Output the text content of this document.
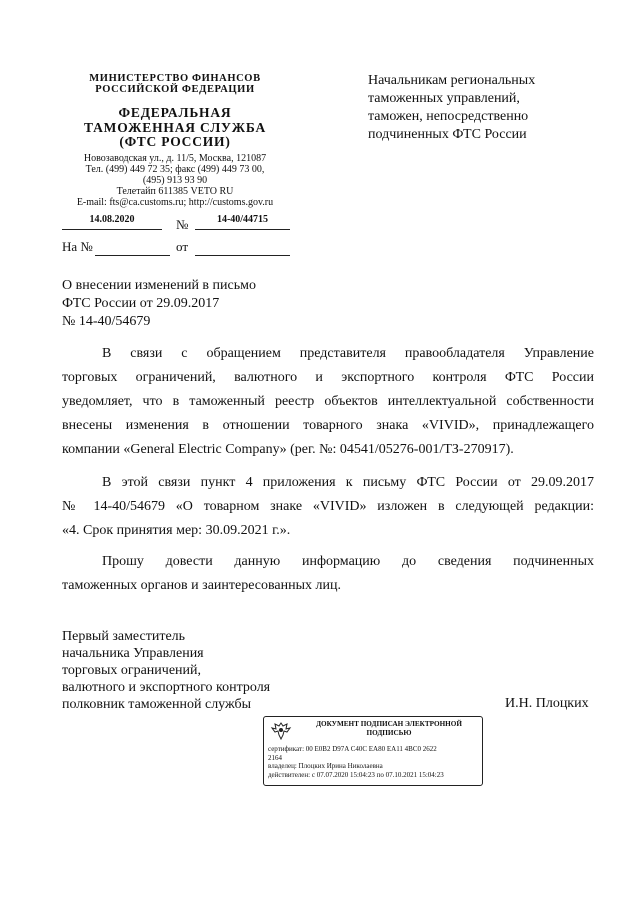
МИНИСТЕРСТВО ФИНАНСОВ
РОССИЙСКОЙ ФЕДЕРАЦИИ
ФЕДЕРАЛЬНАЯ
ТАМОЖЕННАЯ СЛУЖБА
(ФТС РОССИИ)
Новозаводская ул., д. 11/5, Москва, 121087
Тел. (499) 449 72 35; факс (499) 449 73 00,
(495) 913 93 90
Телетайп 611385 VETO RU
E-mail: fts@ca.customs.ru; http://customs.gov.ru
14.08.2020	№	14-40/44715
На №	от
Начальникам региональных
таможенных управлений,
таможен, непосредственно
подчиненных ФТС России
О внесении изменений в письмо
ФТС России от 29.09.2017
№ 14-40/54679
В связи с обращением представителя правообладателя Управление
торговых ограничений, валютного и экспортного контроля ФТС России
уведомляет, что в таможенный реестр объектов интеллектуальной собственности
внесены изменения в отношении товарного знака «VIVID», принадлежащего
компании «General Electric Company» (рег. №: 04541/05276-001/ТЗ-270917).
В этой связи пункт 4 приложения к письму ФТС России от 29.09.2017
№ 14-40/54679 «О товарном знаке «VIVID» изложен в следующей редакции:
«4. Срок принятия мер: 30.09.2021 г.».
Прошу довести данную информацию до сведения подчиненных
таможенных органов и заинтересованных лиц.
Первый заместитель
начальника Управления
торговых ограничений,
валютного и экспортного контроля
полковник таможенной службы	И.Н. Плоцких
ДОКУМЕНТ ПОДПИСАН ЭЛЕКТРОННОЙ
ПОДПИСЬЮ
сертификат: 00 E0B2 D97A C40C EA80 EA11 4BC0 2622
2164
владелец: Плоцких Ирина Николаевна
действителен: с 07.07.2020 15:04:23 по 07.10.2021 15:04:23
